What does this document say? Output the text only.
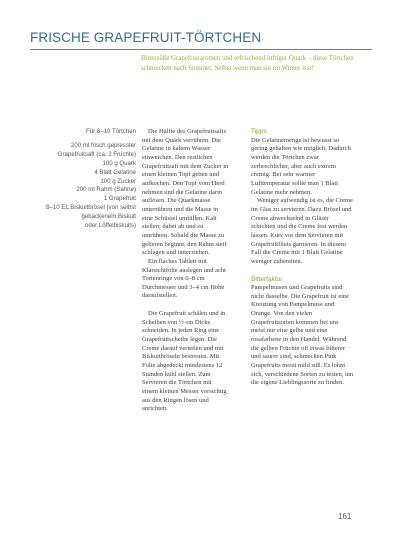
FRISCHE GRAPEFRUIT-TÖRTCHEN
Bittersüße Grapefruitaromen und erfrischend luftiger Quark – diese Törtchen schmecken nach Sommer. Selbst wenn man sie im Winter isst!
Für 8–10 Törtchen
200 ml frisch gepresster
Grapefruitsaft (ca. 2 Früchte)
100 g Quark
4 Blatt Gelatine
100 g Zucker
200 ml Rahm (Sahne)
1 Grapefruit
8–10 EL Biskuitbrösel (von selbst
gebackenem Biskuit
oder Löffelbiskuits)

Die Hälfte des Grapefruitsafts mit dem Quark verrühren. Die Gelatine in kaltem Wasser einweichen. Den restlichen Grapefruitsaft mit dem Zucker in einen kleinen Topf geben und aufkochen. Den Topf vom Herd nehmen und die Gelatine darin auflösen. Die Quarkmasse unterrühren und die Masse in eine Schüssel umfüllen. Kalt stellen; dabei ab und zu umrühren. Sobald die Masse zu gelieren beginnt, den Rahm steif schlagen und unterziehen.

Ein flaches Tablett mit Klarsichtfolie auslegen und acht Tortenringe von 6–8 cm Durchmesser und 3–4 cm Höhe daraufstellen.

Die Grapefruit schälen und in Scheiben von ½ cm Dicke schneiden. In jeden Ring eine Grapefruitscheibe legen. Die Creme darauf verteilen und mit Biskuitbröseln bestreuen. Mit Folie abgedeckt mindestens 12 Stunden kühl stellen. Zum Servieren die Törtchen mit einem kleinen Messer vorsichtig aus den Ringen lösen und anrichten.

Tipps

Die Gelatinemenge ist bewusst so gering gehalten wie möglich. Dadurch werden die Törtchen zwar zerbrechlicher, aber auch extrem cremig. Bei sehr warmer Lufttemperatur sollte man 1 Blatt Gelatine mehr nehmen.

Weniger aufwendig ist es, die Creme im Glas zu servieren. Dazu Brösel und Creme abwechselnd in Gläser schichten und die Creme fest werden lassen. Kurz vor dem Servieren mit Grapefruitfilets garnieren. In diesem Fall die Creme mit 1 Blatt Gelatine weniger zubereiten.

Bitterfaktor

Pampelmusen und Grapefruits sind nicht dasselbe. Die Grapefruit ist eine Kreuzung von Pampelmuse und Orange. Von den vielen Grapefruitsorten kommen bei uns meist nur eine gelbe und eine rosafarbene in den Handel. Während die gelben Früchte oft etwas bitterer und saurer sind, schmecken Pink Grapefruits meist mild süß. Es lohnt sich, verschiedene Sorten zu testen, um die eigene Lieblingssorte zu finden.

161
